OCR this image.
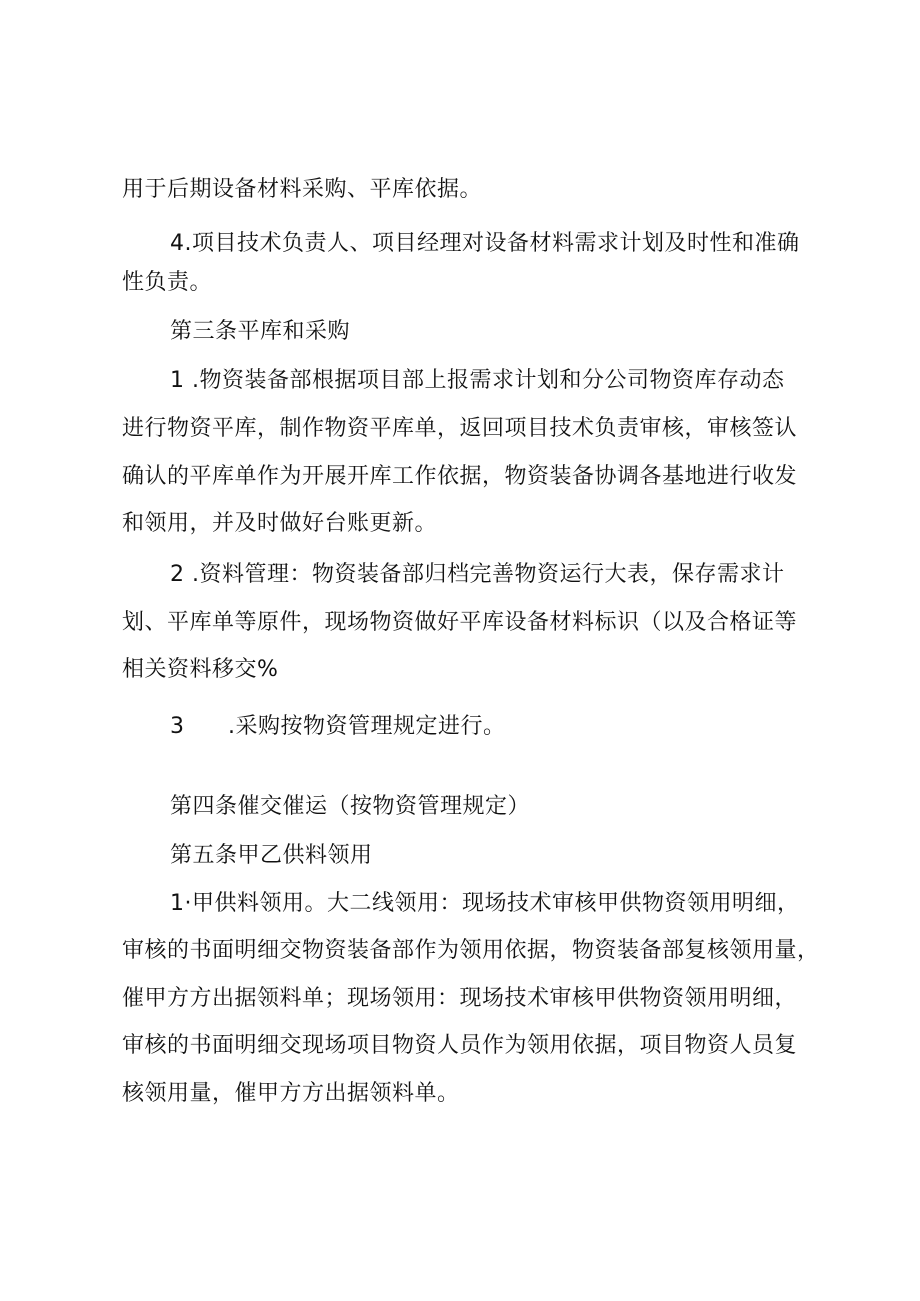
用于后期设备材料采购、平库依据。
4.项目技术负责人、项目经理对设备材料需求计划及时性和准确
性负责。
第三条平库和采购
1 .物资装备部根据项目部上报需求计划和分公司物资库存动态
进行物资平库，制作物资平库单，返回项目技术负责审核，审核签认
确认的平库单作为开展开库工作依据，物资装备协调各基地进行收发
和领用，并及时做好台账更新。
2 .资料管理：物资装备部归档完善物资运行大表，保存需求计
划、平库单等原件，现场物资做好平库设备材料标识（以及合格证等
相关资料移交%
3 .采购按物资管理规定进行。
第四条催交催运（按物资管理规定）
第五条甲乙供料领用
1·甲供料领用。大二线领用：现场技术审核甲供物资领用明细，
审核的书面明细交物资装备部作为领用依据，物资装备部复核领用量，
催甲方方出据领料单；现场领用：现场技术审核甲供物资领用明细，
审核的书面明细交现场项目物资人员作为领用依据，项目物资人员复
核领用量，催甲方方出据领料单。
